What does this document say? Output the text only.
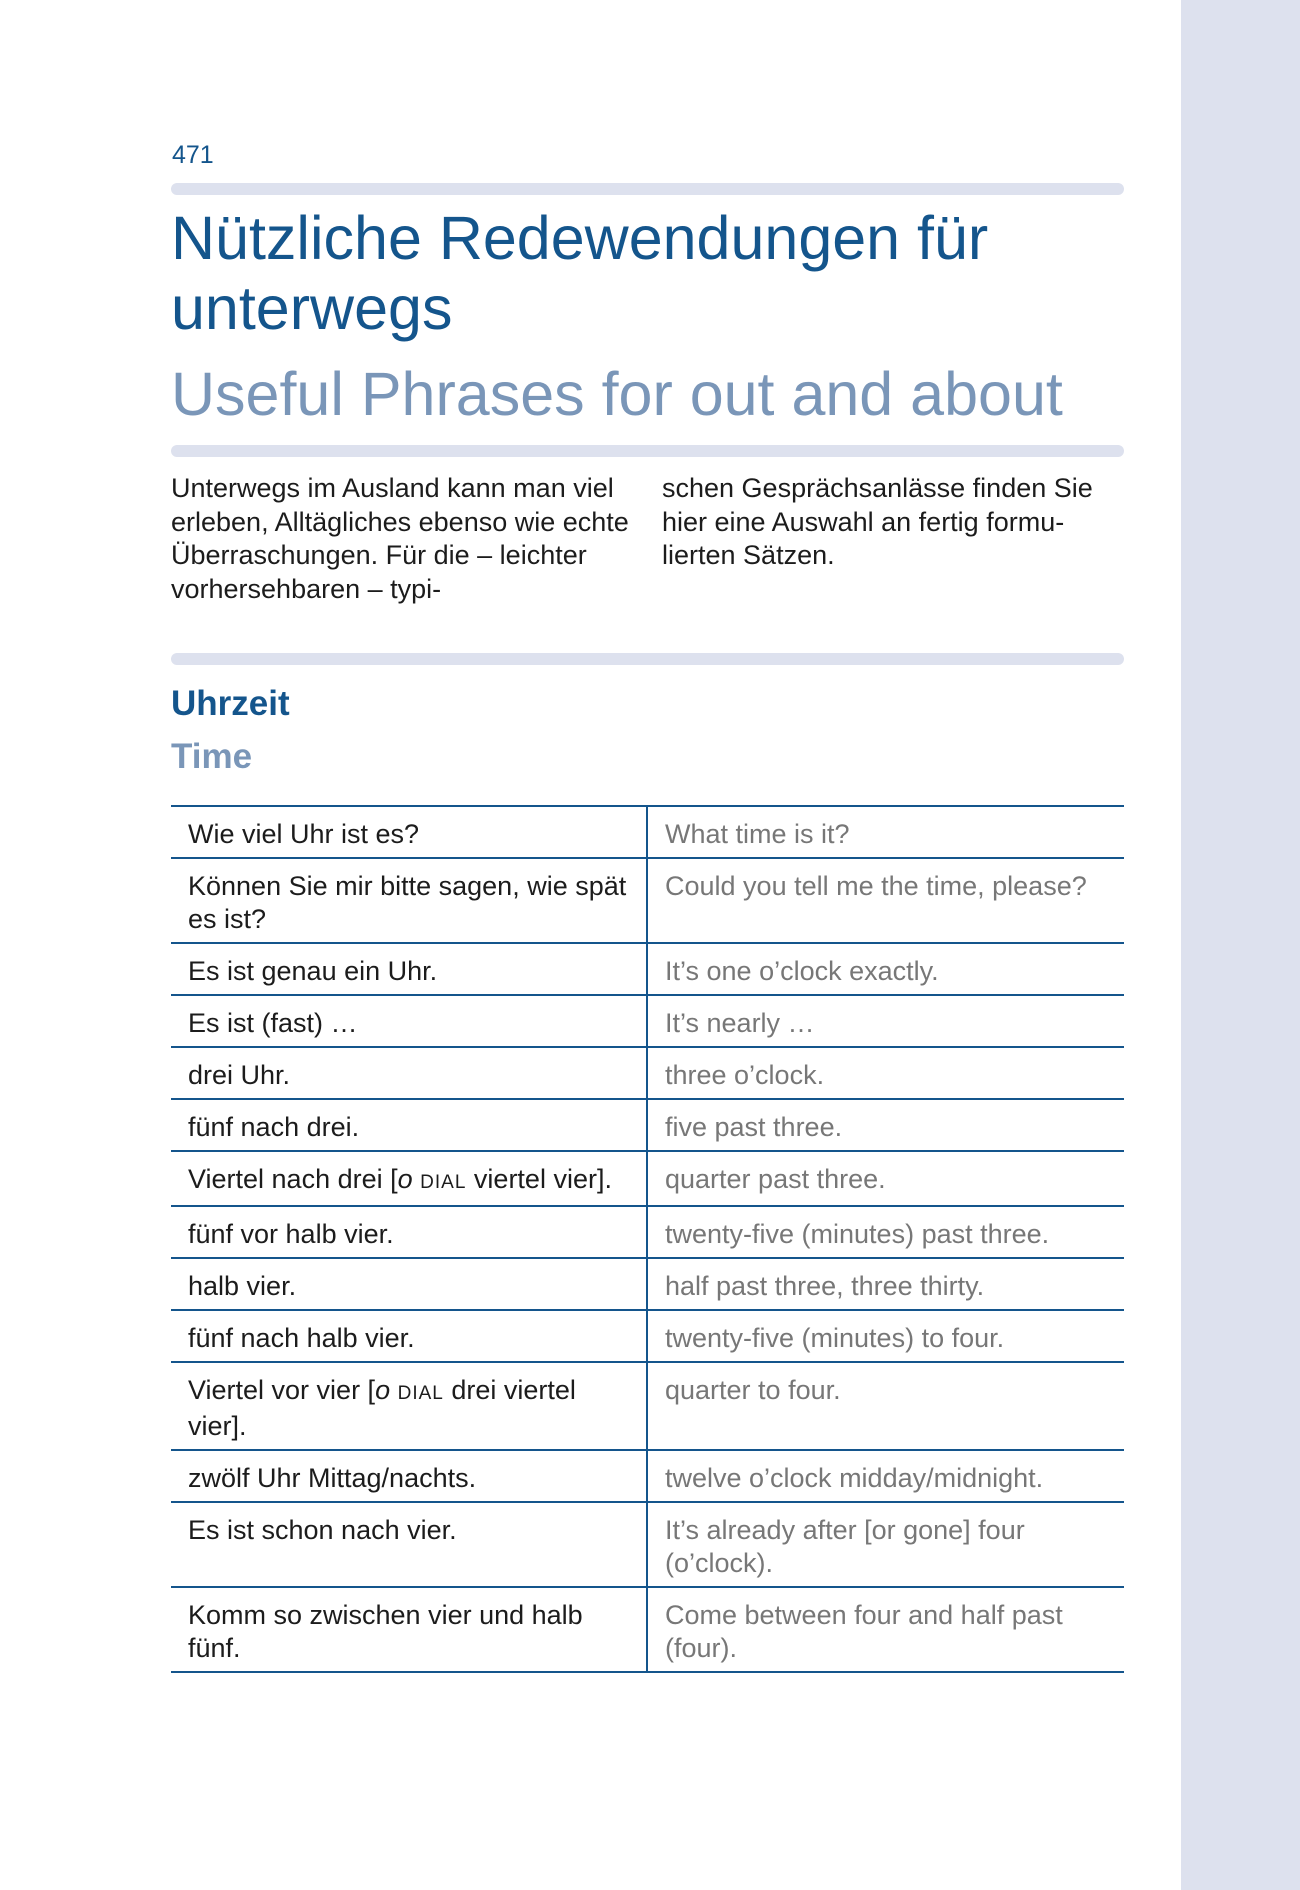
471
Nützliche Redewendungen für unterwegs
Useful Phrases for out and about

Unterwegs im Ausland kann man viel erleben, Alltägliches ebenso wie echte Überraschungen. Für die – leichter vorhersehbaren – typi-

schen Gesprächsanlässe finden Sie hier eine Auswahl an fertig formu-lierten Sätzen.

Uhrzeit
Time
Wie viel Uhr ist es?	What time is it?
Können Sie mir bitte sagen, wie spät es ist?	Could you tell me the time, please?
Es ist genau ein Uhr.	It’s one o’clock exactly.
Es ist (fast) …	It’s nearly …
drei Uhr.	three o’clock.
fünf nach drei.	five past three.
Viertel nach drei [o DIAL viertel vier].	quarter past three.
fünf vor halb vier.	twenty-five (minutes) past three.
halb vier.	half past three, three thirty.
fünf nach halb vier.	twenty-five (minutes) to four.
Viertel vor vier [o DIAL drei viertel vier].	quarter to four.
zwölf Uhr Mittag/nachts.	twelve o’clock midday/midnight.
Es ist schon nach vier.	It’s already after [or gone] four (o’clock).
Komm so zwischen vier und halb fünf.	Come between four and half past (four).
